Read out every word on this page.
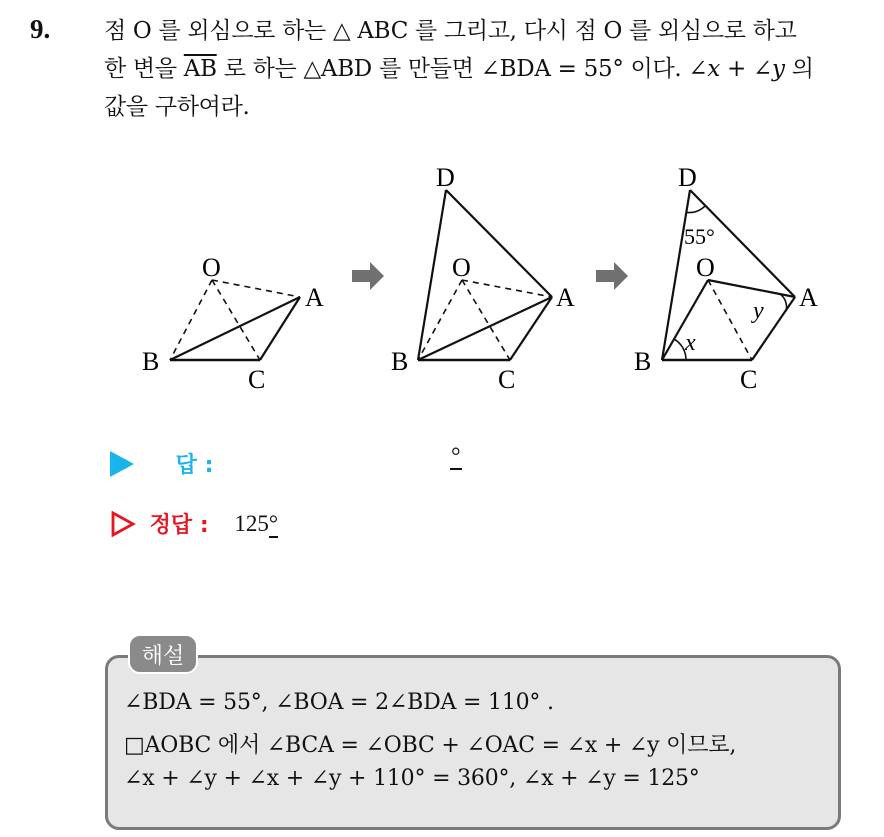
9. 점 O 를 외심으로 하는 △ ABC 를 그리고, 다시 점 O 를 외심으로 하고
한 변을 $\overline{AB}$ 로 하는 △ABD 를 만들면 ∠BDA = 55° 이다. ∠x + ∠y 의
값을 구하여라.
O
A
B
C
D
O
A
B
C
D
55°
O
A
y
x
B
C
답 :	°
정답 : 125°
해설
∠BDA = 55°, ∠BOA = 2∠BDA = 110° .
□AOBC 에서 ∠BCA = ∠OBC + ∠OAC = ∠x + ∠y 이므로,
∠x + ∠y + ∠x + ∠y + 110° = 360°, ∠x + ∠y = 125°
